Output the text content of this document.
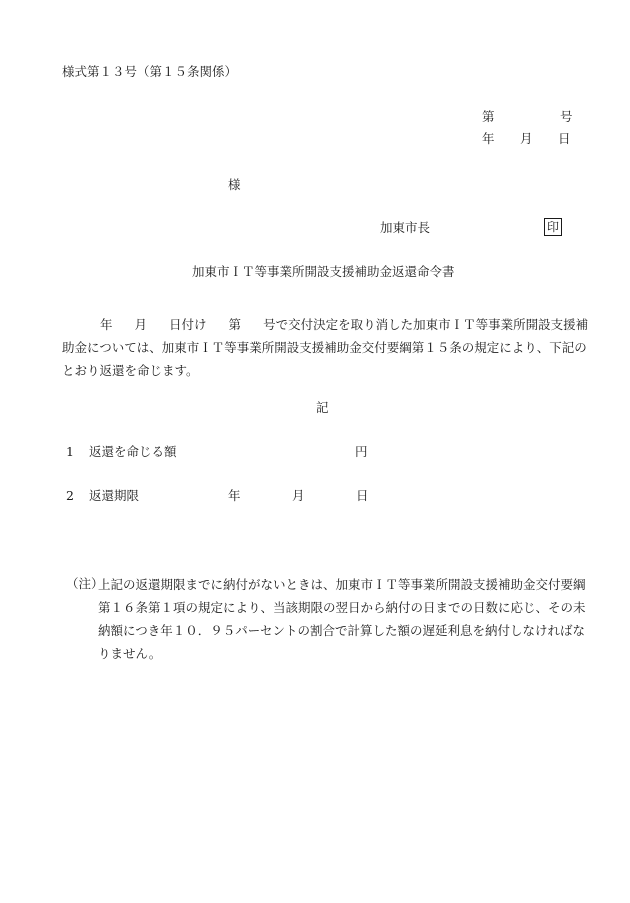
様式第１３号（第１５条関係）
第	号
年 月 日
様
加東市長	印
加東市ＩＴ等事業所開設支援補助金返還命令書
年 月 日付け 第 号で交付決定を取り消した加東市ＩＴ等事業所開設支援補助金については、加東市ＩＴ等事業所開設支援補助金交付要綱第１５条の規定により、下記のとおり返還を命じます。
記
1 返還を命じる額	円
2 返還期限	年	月	日
（注）
上記の返還期限までに納付がないときは、加東市ＩＴ等事業所開設支援補助金交付要綱第１６条第１項の規定により、当該期限の翌日から納付の日までの日数に応じ、その未納額につき年１０．９５パーセントの割合で計算した額の遅延利息を納付しなければなりません。
